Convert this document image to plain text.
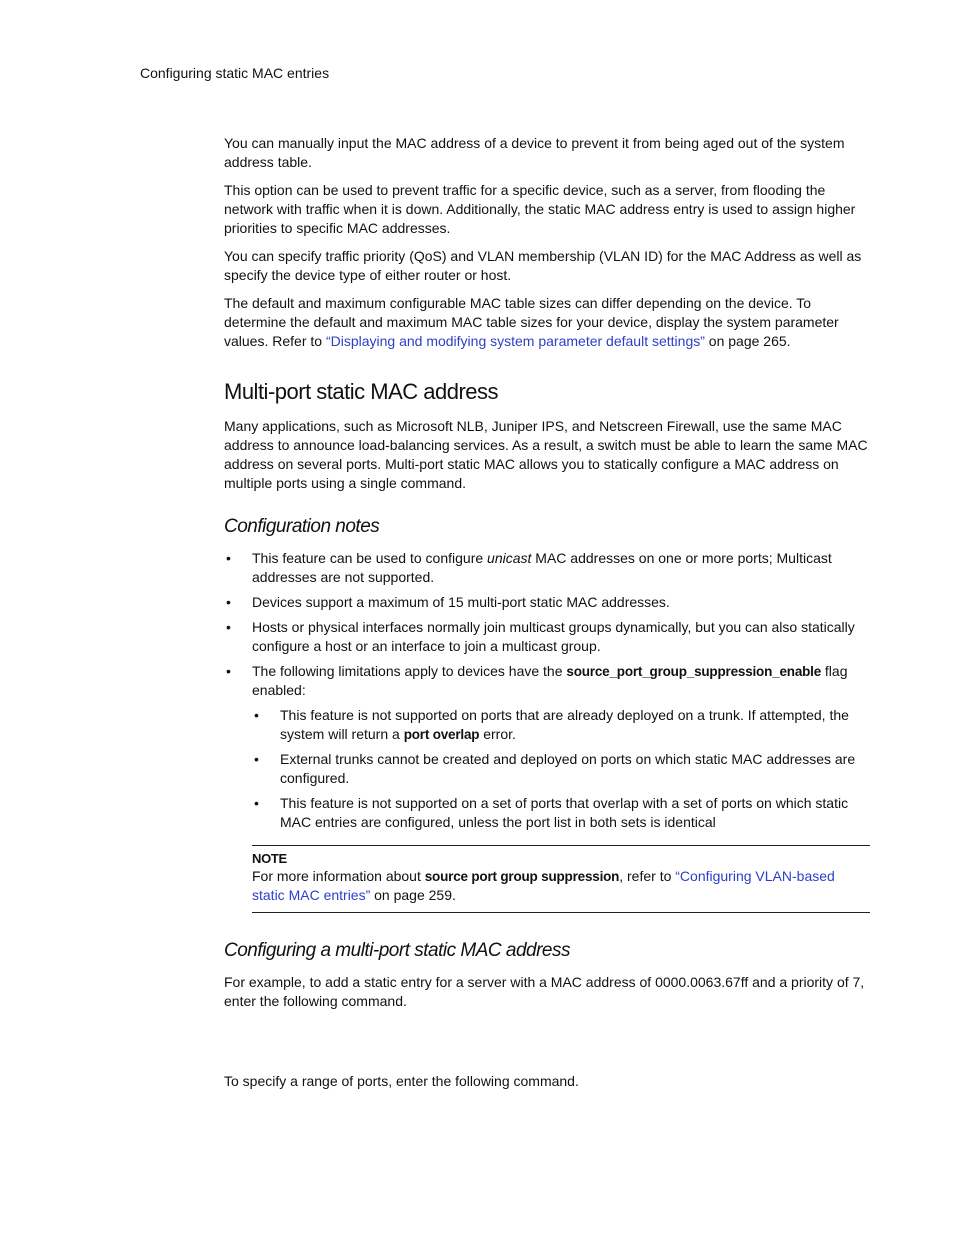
Configuring static MAC entries

You can manually input the MAC address of a device to prevent it from being aged out of the system address table.

This option can be used to prevent traffic for a specific device, such as a server, from flooding the network with traffic when it is down. Additionally, the static MAC address entry is used to assign higher priorities to specific MAC addresses.

You can specify traffic priority (QoS) and VLAN membership (VLAN ID) for the MAC Address as well as specify the device type of either router or host.

The default and maximum configurable MAC table sizes can differ depending on the device. To determine the default and maximum MAC table sizes for your device, display the system parameter values. Refer to “Displaying and modifying system parameter default settings” on page 265.

Multi-port static MAC address

Many applications, such as Microsoft NLB, Juniper IPS, and Netscreen Firewall, use the same MAC address to announce load-balancing services. As a result, a switch must be able to learn the same MAC address on several ports. Multi-port static MAC allows you to statically configure a MAC address on multiple ports using a single command.

Configuration notes
• This feature can be used to configure unicast MAC addresses on one or more ports; Multicast addresses are not supported.
• Devices support a maximum of 15 multi-port static MAC addresses.
• Hosts or physical interfaces normally join multicast groups dynamically, but you can also statically configure a host or an interface to join a multicast group.
• The following limitations apply to devices have the source_port_group_suppression_enable flag enabled:
• This feature is not supported on ports that are already deployed on a trunk. If attempted, the system will return a port overlap error.
• External trunks cannot be created and deployed on ports on which static MAC addresses are configured.
• This feature is not supported on a set of ports that overlap with a set of ports on which static MAC entries are configured, unless the port list in both sets is identical
NOTE
For more information about source port group suppression, refer to “Configuring VLAN-based static MAC entries” on page 259.
Configuring a multi-port static MAC address

For example, to add a static entry for a server with a MAC address of 0000.0063.67ff and a priority of 7, enter the following command.

To specify a range of ports, enter the following command.
